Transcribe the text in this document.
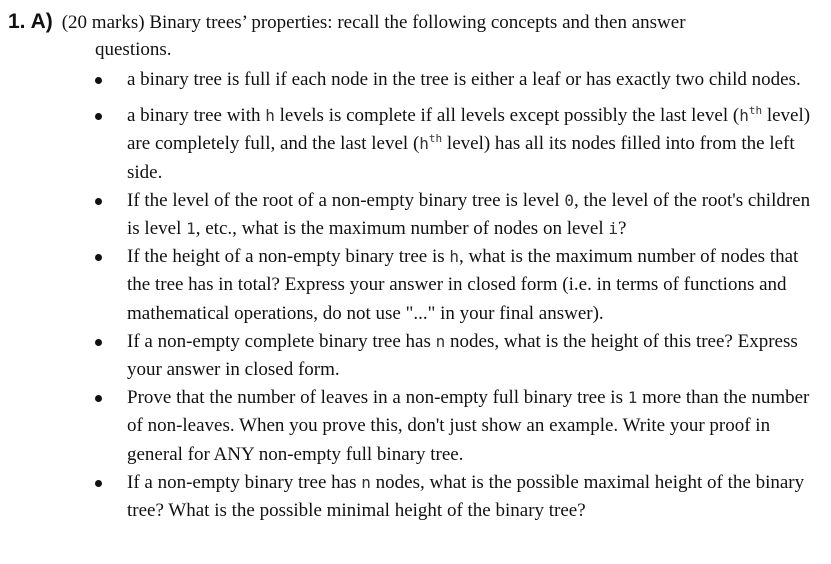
1. A) (20 marks) Binary trees’ properties: recall the following concepts and then answer
questions.
a binary tree is full if each node in the tree is either a leaf or has exactly two child nodes.
a binary tree with h levels is complete if all levels except possibly the last level ($h^{th}$ level) are completely full, and the last level ($h^{th}$ level) has all its nodes filled into from the left side.
If the level of the root of a non-empty binary tree is level 0, the level of the root's children is level 1, etc., what is the maximum number of nodes on level i?
If the height of a non-empty binary tree is h, what is the maximum number of nodes that the tree has in total? Express your answer in closed form (i.e. in terms of functions and mathematical operations, do not use "..." in your final answer).
If a non-empty complete binary tree has n nodes, what is the height of this tree? Express your answer in closed form.
Prove that the number of leaves in a non-empty full binary tree is 1 more than the number of non-leaves. When you prove this, don't just show an example. Write your proof in general for ANY non-empty full binary tree.
If a non-empty binary tree has n nodes, what is the possible maximal height of the binary tree? What is the possible minimal height of the binary tree?
